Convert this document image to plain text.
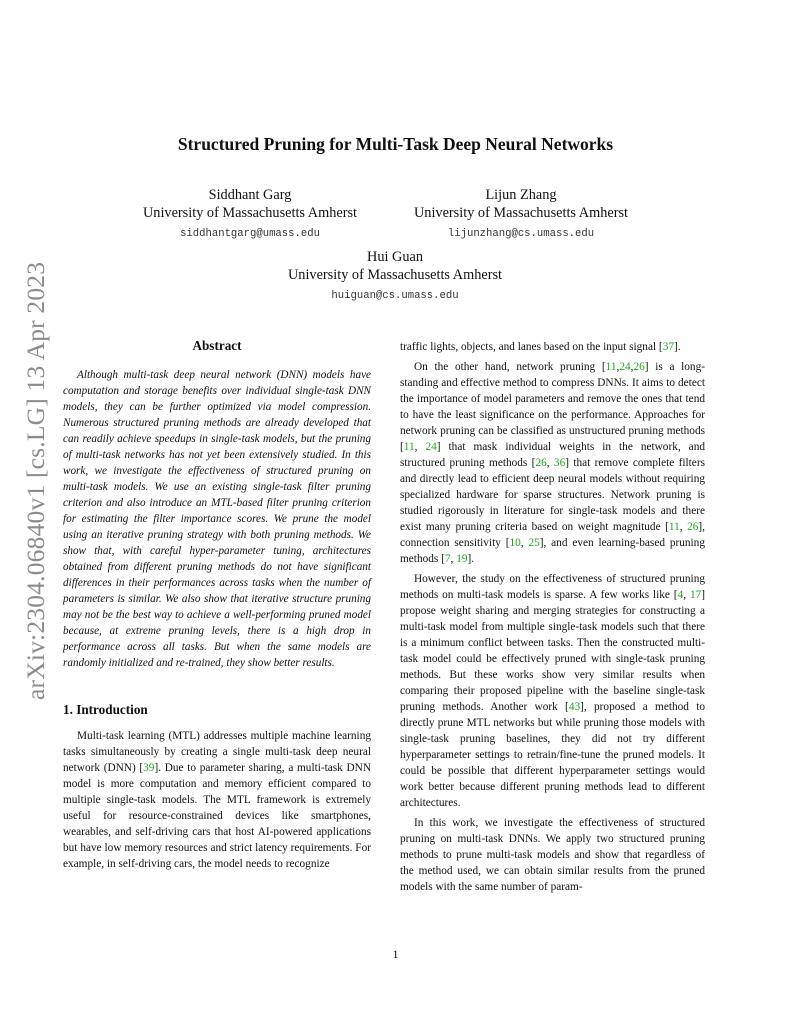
arXiv:2304.06840v1 [cs.LG] 13 Apr 2023
Structured Pruning for Multi-Task Deep Neural Networks
Siddhant Garg
University of Massachusetts Amherst
siddhantgarg@umass.edu
Lijun Zhang
University of Massachusetts Amherst
lijunzhang@cs.umass.edu
Hui Guan
University of Massachusetts Amherst
huiguan@cs.umass.edu
Abstract
Although multi-task deep neural network (DNN) models have computation and storage benefits over individual single-task DNN models, they can be further optimized via model compression. Numerous structured pruning methods are already developed that can readily achieve speedups in single-task models, but the pruning of multi-task networks has not yet been extensively studied. In this work, we investigate the effectiveness of structured pruning on multi-task models. We use an existing single-task filter pruning criterion and also introduce an MTL-based filter pruning criterion for estimating the filter importance scores. We prune the model using an iterative pruning strategy with both pruning methods. We show that, with careful hyper-parameter tuning, architectures obtained from different pruning methods do not have significant differences in their performances across tasks when the number of parameters is similar. We also show that iterative structure pruning may not be the best way to achieve a well-performing pruned model because, at extreme pruning levels, there is a high drop in performance across all tasks. But when the same models are randomly initialized and re-trained, they show better results.
1. Introduction

Multi-task learning (MTL) addresses multiple machine learning tasks simultaneously by creating a single multi-task deep neural network (DNN) [39]. Due to parameter sharing, a multi-task DNN model is more computation and memory efficient compared to multiple single-task models. The MTL framework is extremely useful for resource-constrained devices like smartphones, wearables, and self-driving cars that host AI-powered applications but have low memory resources and strict latency requirements. For example, in self-driving cars, the model needs to recognize

traffic lights, objects, and lanes based on the input signal [37].

On the other hand, network pruning [11,24,26] is a long-standing and effective method to compress DNNs. It aims to detect the importance of model parameters and remove the ones that tend to have the least significance on the performance. Approaches for network pruning can be classified as unstructured pruning methods [11, 24] that mask individual weights in the network, and structured pruning methods [26, 36] that remove complete filters and directly lead to efficient deep neural models without requiring specialized hardware for sparse structures. Network pruning is studied rigorously in literature for single-task models and there exist many pruning criteria based on weight magnitude [11, 26], connection sensitivity [10, 25], and even learning-based pruning methods [7, 19].

However, the study on the effectiveness of structured pruning methods on multi-task models is sparse. A few works like [4, 17] propose weight sharing and merging strategies for constructing a multi-task model from multiple single-task models such that there is a minimum conflict between tasks. Then the constructed multi-task model could be effectively pruned with single-task pruning methods. But these works show very similar results when comparing their proposed pipeline with the baseline single-task pruning methods. Another work [43], proposed a method to directly prune MTL networks but while pruning those models with single-task pruning baselines, they did not try different hyperparameter settings to retrain/fine-tune the pruned models. It could be possible that different hyperparameter settings would work better because different pruning methods lead to different architectures.

In this work, we investigate the effectiveness of structured pruning on multi-task DNNs. We apply two structured pruning methods to prune multi-task models and show that regardless of the method used, we can obtain similar results from the pruned models with the same number of param-

1
